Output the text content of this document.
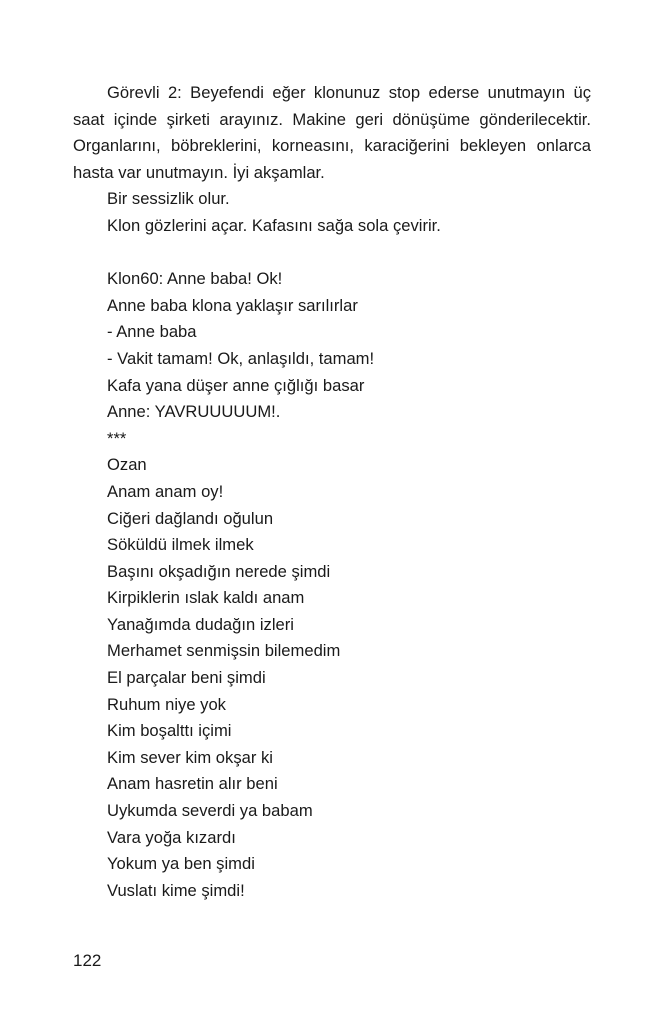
Görevli 2: Beyefendi eğer klonunuz stop ederse unutmayın üç saat içinde şirketi arayınız. Makine geri dönüşüme gönderilecektir. Organlarını, böbreklerini, korneasını, karaciğerini bekleyen onlarca hasta var unutmayın. İyi akşamlar.

Bir sessizlik olur.
Klon gözlerini açar. Kafasını sağa sola çevirir.
Klon60: Anne baba! Ok!
Anne baba klona yaklaşır sarılırlar
- Anne baba
- Vakit tamam! Ok, anlaşıldı, tamam!
Kafa yana düşer anne çığlığı basar
Anne: YAVRUUUUUM!.
***
Ozan
Anam anam oy!
Ciğeri dağlandı oğulun
Söküldü ilmek ilmek
Başını okşadığın nerede şimdi
Kirpiklerin ıslak kaldı anam
Yanağımda dudağın izleri
Merhamet senmişsin bilemedim
El parçalar beni şimdi
Ruhum niye yok
Kim boşalttı içimi
Kim sever kim okşar ki
Anam hasretin alır beni
Uykumda severdi ya babam
Vara yoğa kızardı
Yokum ya ben şimdi
Vuslatı kime şimdi!
122
